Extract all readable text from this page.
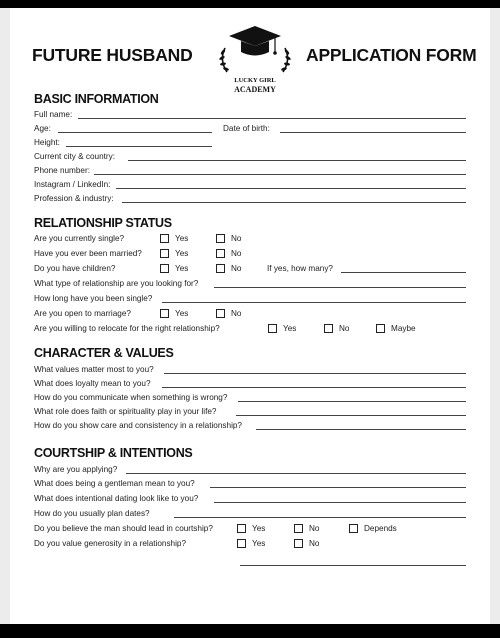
FUTURE HUSBAND	APPLICATION FORM
LUCKY GIRL
ACADEMY
BASIC INFORMATION
Full name:
Age:	Date of birth:
Height:
Current city & country:
Phone number:
Instagram / LinkedIn:
Profession & industry:
RELATIONSHIP STATUS
Are you currently single?	Yes	No
Have you ever been married?	Yes	No
Do you have children?	Yes	No	If yes, how many?
What type of relationship are you looking for?
How long have you been single?
Are you open to marriage?	Yes	No
Are you willing to relocate for the right relationship?	Yes	No	Maybe
CHARACTER & VALUES
What values matter most to you?
What does loyalty mean to you?
How do you communicate when something is wrong?
What role does faith or spirituality play in your life?
How do you show care and consistency in a relationship?
COURTSHIP & INTENTIONS
Why are you applying?
What does being a gentleman mean to you?
What does intentional dating look like to you?
How do you usually plan dates?
Do you believe the man should lead in courtship?	Yes	No	Depends
Do you value generosity in a relationship?	Yes	No
